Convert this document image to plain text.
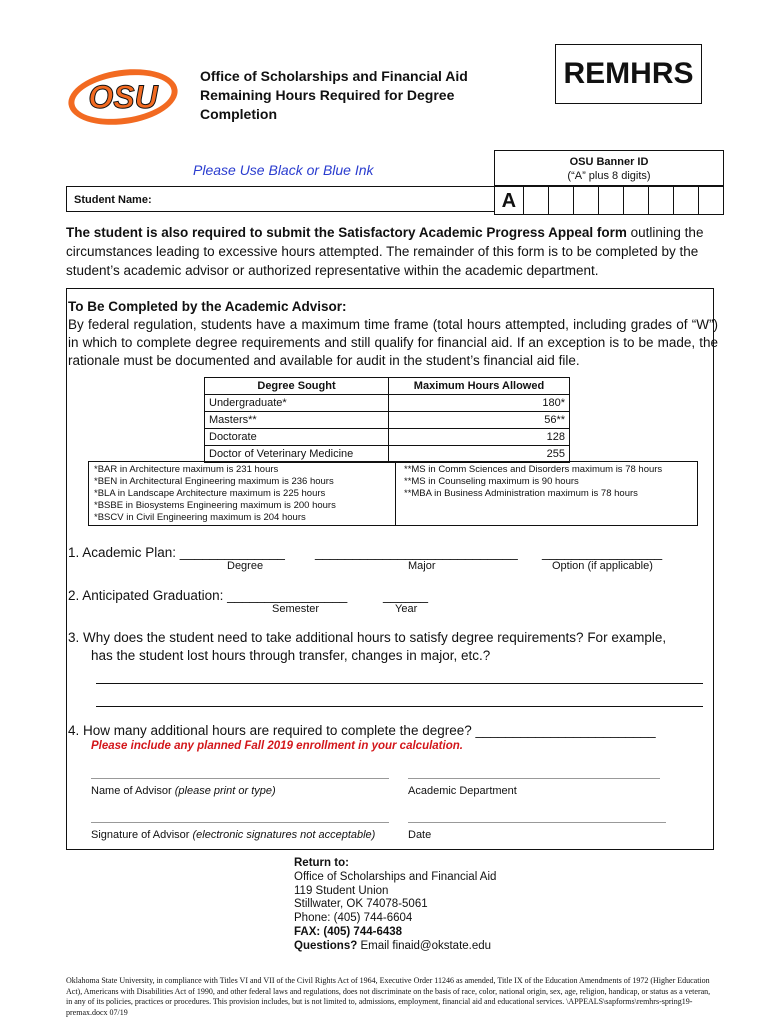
OSU
Office of Scholarships and Financial Aid
Remaining Hours Required for Degree
Completion
REMHRS
Please Use Black or Blue Ink	OSU Banner ID
(“A” plus 8 digits)
Student Name:	A
The student is also required to submit the Satisfactory Academic Progress Appeal form outlining the circumstances leading to excessive hours attempted. The remainder of this form is to be completed by the student’s academic advisor or authorized representative within the academic department.
To Be Completed by the Academic Advisor:
By federal regulation, students have a maximum time frame (total hours attempted, including grades of “W”) in which to complete degree requirements and still qualify for financial aid. If an exception is to be made, the rationale must be documented and available for audit in the student’s financial aid file.
Degree Sought	Maximum Hours Allowed
Undergraduate*	180*
Masters**	56**
Doctorate	128
Doctor of Veterinary Medicine	255
*BAR in Architecture maximum is 231 hours
*BEN in Architectural Engineering maximum is 236 hours
*BLA in Landscape Architecture maximum is 225 hours
*BSBE in Biosystems Engineering maximum is 200 hours
*BSCV in Civil Engineering maximum is 204 hours
**MS in Comm Sciences and Disorders maximum is 78 hours
**MS in Counseling maximum is 90 hours
**MBA in Business Administration maximum is 78 hours
1. Academic Plan: ______________ ___________________________ ________________
Degree	Major	Option (if applicable)
2. Anticipated Graduation: ________________	______
Semester	Year
3. Why does the student need to take additional hours to satisfy degree requirements? For example,
has the student lost hours through transfer, changes in major, etc.?
4. How many additional hours are required to complete the degree? ________________________
Please include any planned Fall 2019 enrollment in your calculation.
Name of Advisor (please print or type)	Academic Department
Signature of Advisor (electronic signatures not acceptable)	Date
Return to:
Office of Scholarships and Financial Aid
119 Student Union
Stillwater, OK 74078-5061
Phone: (405) 744-6604
FAX: (405) 744-6438
Questions? Email finaid@okstate.edu
Oklahoma State University, in compliance with Titles VI and VII of the Civil Rights Act of 1964, Executive Order 11246 as amended, Title IX of the Education Amendments of 1972 (Higher Education Act), Americans with Disabilities Act of 1990, and other federal laws and regulations, does not discriminate on the basis of race, color, national origin, sex, age, religion, handicap, or status as a veteran, in any of its policies, practices or procedures. This provision includes, but is not limited to, admissions, employment, financial aid and educational services. \APPEALS\sapforms\remhrs-spring19-premax.docx 07/19
